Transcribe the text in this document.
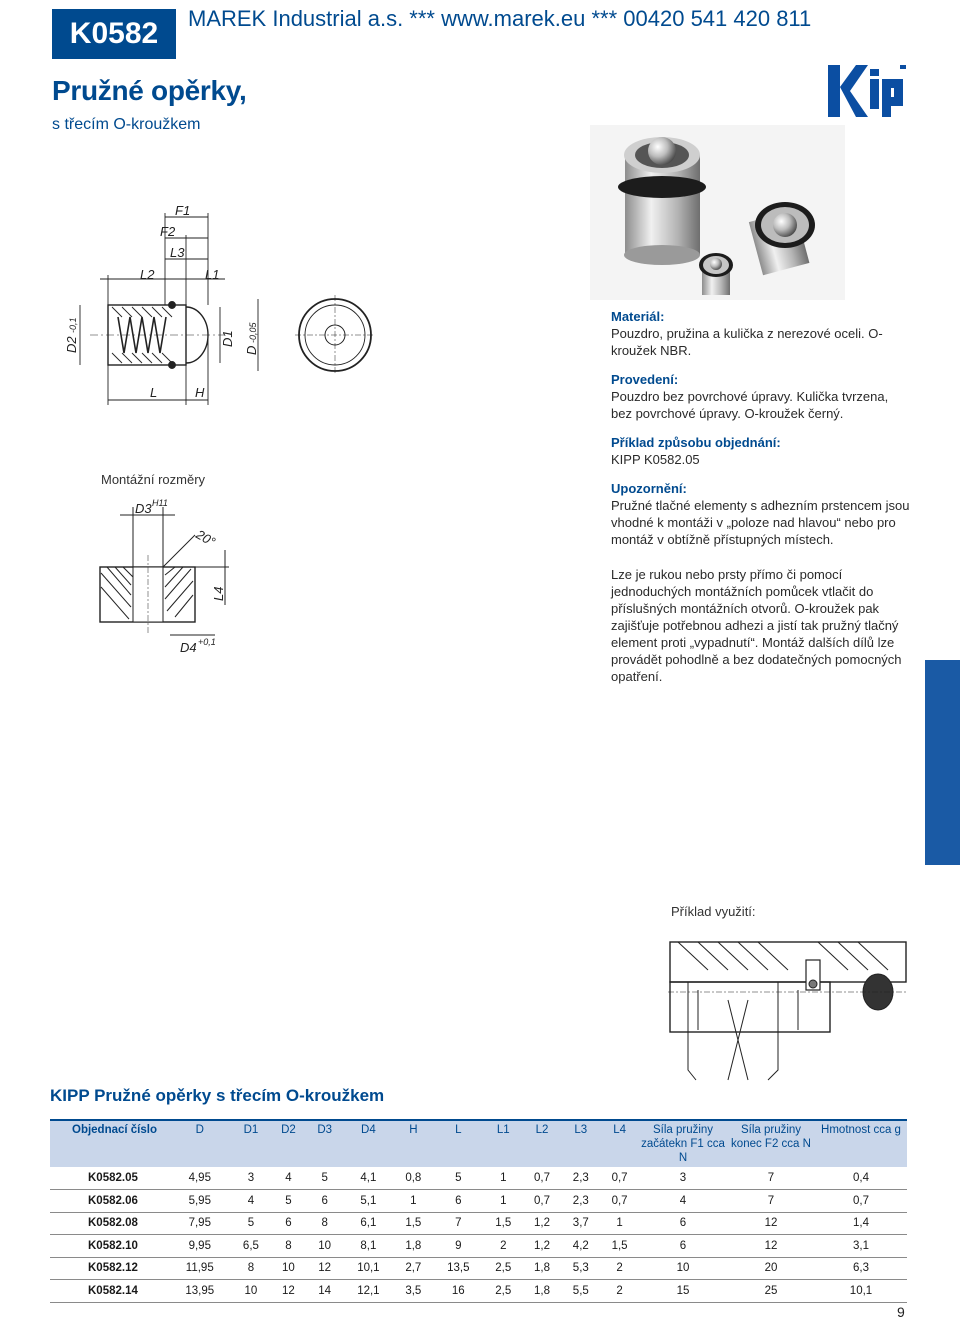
K0582	MAREK Industrial a.s. *** www.marek.eu *** 00420 541 420 811
Pružné opěrky,
s třecím O-kroužkem
F1
F2
L3
L2	L1
L	H
D2
-0,1
D1
D
-0,05
Montážní rozměry
D3 H11
20°
L4
D4 +0,1

Materiál:

Pouzdro, pružina a kulička z nerezové oceli. O-kroužek NBR.

Provedení:

Pouzdro bez povrchové úpravy. Kulička tvrzena, bez povrchové úpravy. O-kroužek černý.

Příklad způsobu objednání:

KIPP K0582.05

Upozornění:

Pružné tlačné elementy s adhezním prstencem jsou vhodné k montáži v „poloze nad hlavou“ nebo pro montáž v obtížně přístupných místech.

Lze je rukou nebo prsty přímo či pomocí jednoduchých montážních pomůcek vtlačit do příslušných montážních otvorů. O-kroužek pak zajišťuje potřebnou adhezi a jistí tak pružný tlačný element proti „vypadnutí“. Montáž dalších dílů lze provádět pohodlně a bez dodatečných pomocných opatření.

Příklad využití:
KIPP Pružné opěrky s třecím O-kroužkem
Objednací číslo	D	D1	D2	D3	D4	H	L	L1	L2	L3	L4	Síla pružiny začátekn F1 cca N	Síla pružiny konec F2 cca N	Hmotnost cca g
K0582.05	4,95	3	4	5	4,1	0,8	5	1	0,7	2,3	0,7	3	7	0,4
K0582.06	5,95	4	5	6	5,1	1	6	1	0,7	2,3	0,7	4	7	0,7
K0582.08	7,95	5	6	8	6,1	1,5	7	1,5	1,2	3,7	1	6	12	1,4
K0582.10	9,95	6,5	8	10	8,1	1,8	9	2	1,2	4,2	1,5	6	12	3,1
K0582.12	11,95	8	10	12	10,1	2,7	13,5	2,5	1,8	5,3	2	10	20	6,3
K0582.14	13,95	10	12	14	12,1	3,5	16	2,5	1,8	5,5	2	15	25	10,1
9
